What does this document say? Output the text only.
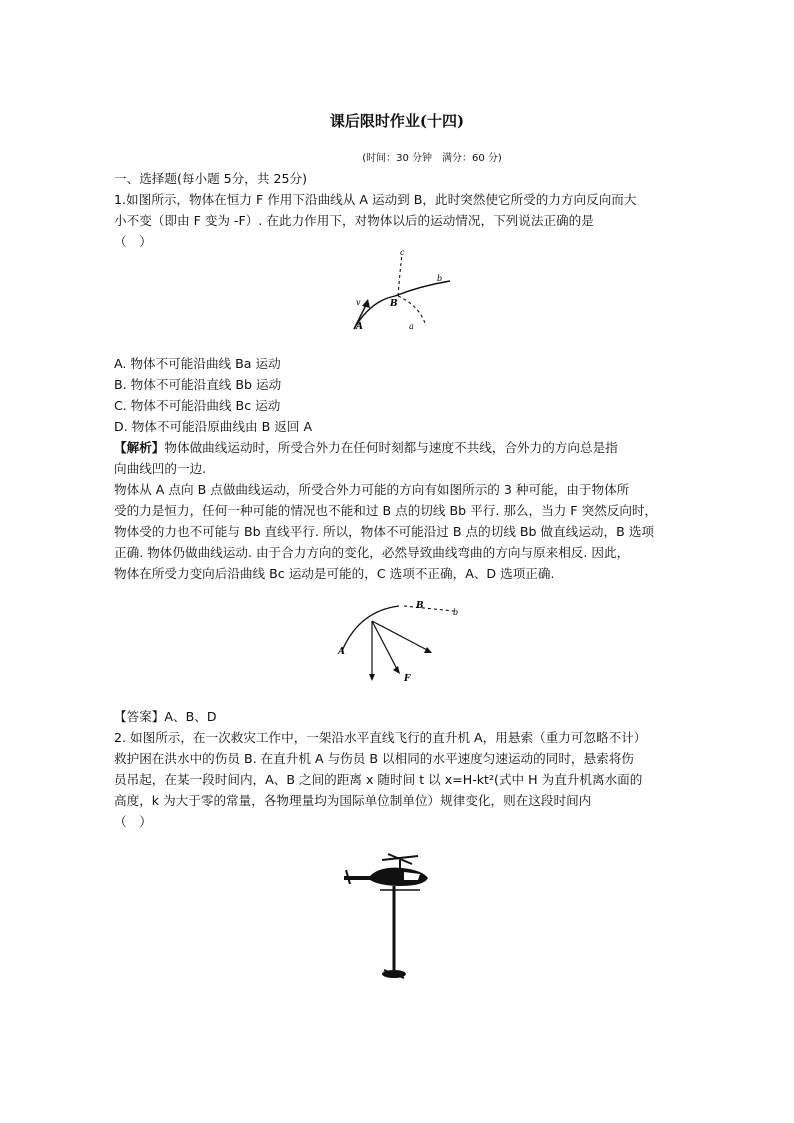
课后限时作业(十四)
(时间：30 分钟　满分：60 分)
一、选择题(每小题 5分，共 25分)
1.如图所示，物体在恒力 F 作用下沿曲线从 A 运动到 B，此时突然使它所受的力方向反向而大
小不变（即由 F 变为 -F）. 在此力作用下，对物体以后的运动情况，下列说法正确的是
（　）
c
b
a
B
A
v
A. 物体不可能沿曲线 Ba 运动
B. 物体不可能沿直线 Bb 运动
C. 物体不可能沿曲线 Bc 运动
D. 物体不可能沿原曲线由 B 返回 A
【解析】物体做曲线运动时，所受合外力在任何时刻都与速度不共线，合外力的方向总是指
向曲线凹的一边.
物体从 A 点向 B 点做曲线运动，所受合外力可能的方向有如图所示的 3 种可能，由于物体所
受的力是恒力，任何一种可能的情况也不能和过 B 点的切线 Bb 平行. 那么，当力 F 突然反向时，
物体受的力也不可能与 Bb 直线平行. 所以，物体不可能沿过 B 点的切线 Bb 做直线运动，B 选项
正确. 物体仍做曲线运动. 由于合力方向的变化，必然导致曲线弯曲的方向与原来相反. 因此，
物体在所受力变向后沿曲线 Bc 运动是可能的，C 选项不正确，A、D 选项正确.
A
B
b
F
【答案】A、B、D
2. 如图所示，在一次救灾工作中，一架沿水平直线飞行的直升机 A，用悬索（重力可忽略不计）
救护困在洪水中的伤员 B. 在直升机 A 与伤员 B 以相同的水平速度匀速运动的同时，悬索将伤
员吊起，在某一段时间内，A、B 之间的距离 x 随时间 t 以 x=H-kt²(式中 H 为直升机离水面的
高度，k 为大于零的常量，各物理量均为国际单位制单位）规律变化，则在这段时间内
（　）
